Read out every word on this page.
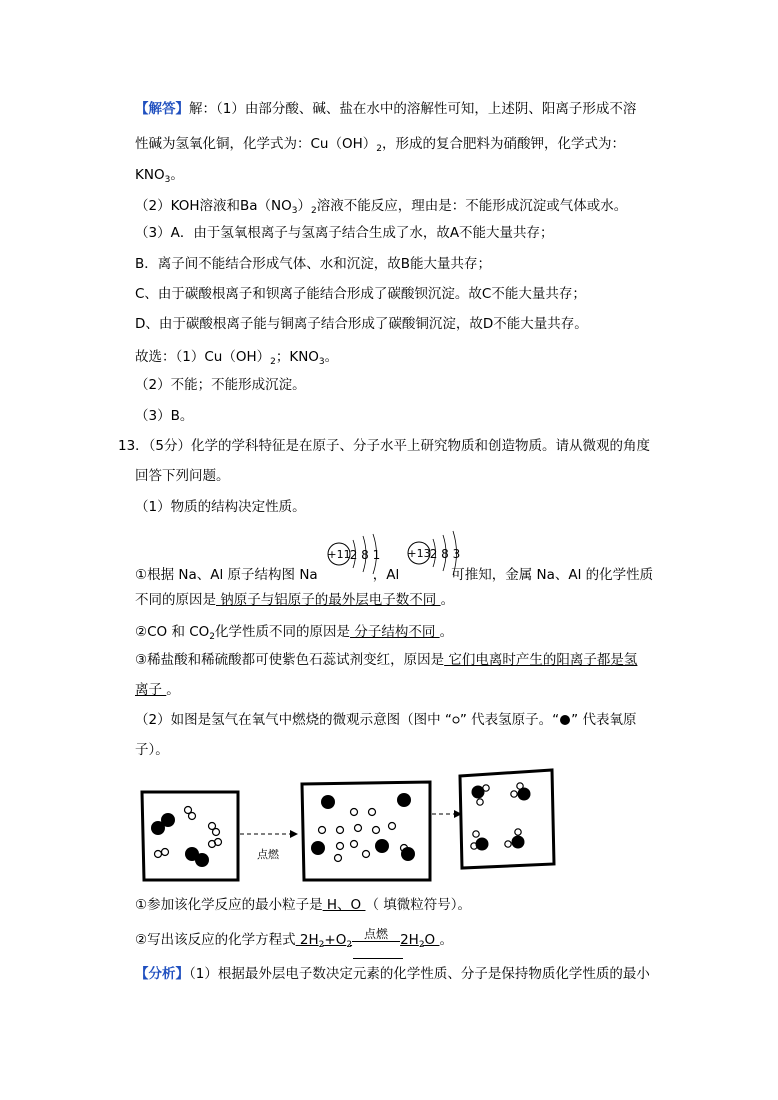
【解答】解：（1）由部分酸、碱、盐在水中的溶解性可知，上述阴、阳离子形成不溶
性碱为氢氧化铜，化学式为：$Cu(OH)_2$，形成的复合肥料为硝酸钾，化学式为：
$KNO_3$。
（2）KOH溶液和$Ba(NO_3)_2$溶液不能反应，理由是：不能形成沉淀或气体或水。
（3）A．由于氢氧根离子与氢离子结合生成了水，故A不能大量共存；
B．离子间不能结合形成气体、水和沉淀，故B能大量共存；
C、由于碳酸根离子和钡离子能结合形成了碳酸钡沉淀。故C不能大量共存；
D、由于碳酸根离子能与铜离子结合形成了碳酸铜沉淀，故D不能大量共存。
故选：$(1)Cu(OH)_2$；$KNO_3$。
（2）不能；不能形成沉淀。
（3）B。
13．（5分）化学的学科特征是在原子、分子水平上研究物质和创造物质。请从微观的角度
回答下列问题。
（1）物质的结构决定性质。
+11 2 8 1 +13 2 8 3
①根据 Na、Al 原子结构图 Na	，Al	可推知，金属 Na、Al 的化学性质
不同的原因是 钠原子与铝原子的最外层电子数不同 。
②CO 和 $CO_2$化学性质不同的原因是 分子结构不同 。
③稀盐酸和稀硫酸都可使紫色石蕊试剂变红，原因是 它们电离时产生的阳离子都是氢
离子 。
（2）如图是氢气在氧气中燃烧的微观示意图（图中 “ ” 代表氢原子。“ ” 代表氧原
子）。
点燃
①参加该化学反应的最小粒子是 H、O （ 填微粒符号）。
②写出该反应的化学方程式 $2H_2+O_2$点燃 $2H_2O$ 。
【分析】（1）根据最外层电子数决定元素的化学性质、分子是保持物质化学性质的最小
